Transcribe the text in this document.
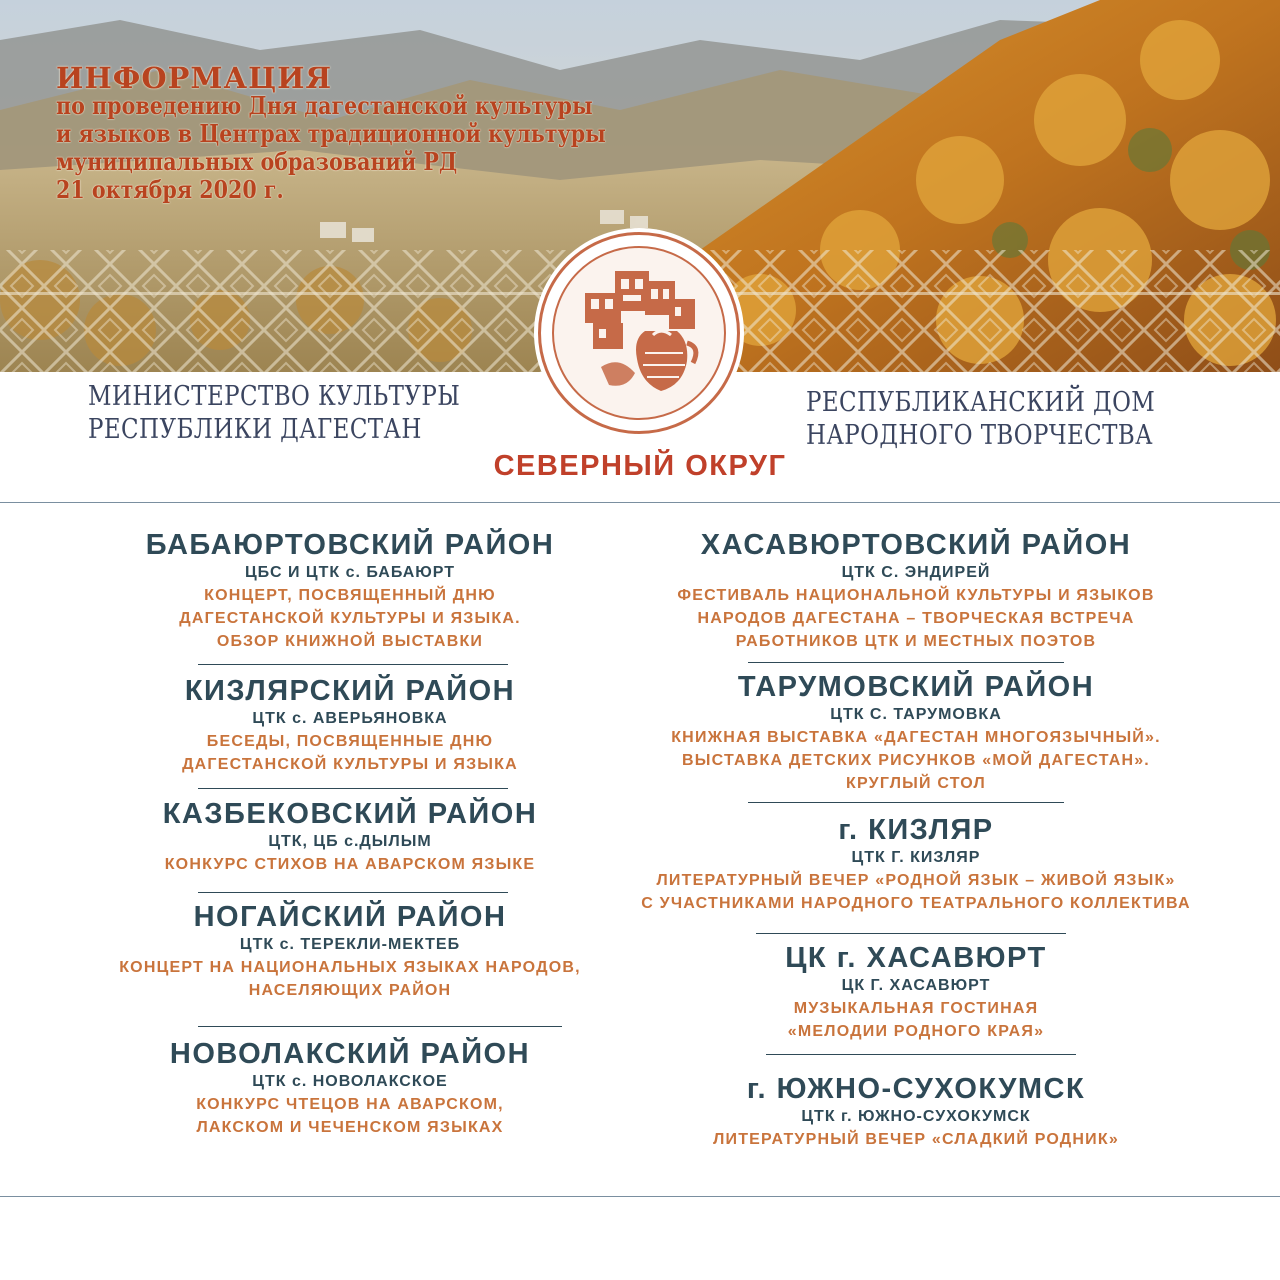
ИНФОРМАЦИЯ
по проведению Дня дагестанской культуры
и языков в Центрах традиционной культуры
муниципальных образований РД
21 октября 2020 г.
МИНИСТЕРСТВО КУЛЬТУРЫ
РЕСПУБЛИКИ ДАГЕСТАН
РЕСПУБЛИКАНСКИЙ ДОМ
НАРОДНОГО ТВОРЧЕСТВА
СЕВЕРНЫЙ ОКРУГ
БАБАЮРТОВСКИЙ РАЙОН
ЦБС И ЦТК с. БАБАЮРТ
КОНЦЕРТ, ПОСВЯЩЕННЫЙ ДНЮ
ДАГЕСТАНСКОЙ КУЛЬТУРЫ И ЯЗЫКА.
ОБЗОР КНИЖНОЙ ВЫСТАВКИ
КИЗЛЯРСКИЙ РАЙОН
ЦТК с. АВЕРЬЯНОВКА
БЕСЕДЫ, ПОСВЯЩЕННЫЕ ДНЮ
ДАГЕСТАНСКОЙ КУЛЬТУРЫ И ЯЗЫКА
КАЗБЕКОВСКИЙ РАЙОН
ЦТК, ЦБ с.ДЫЛЫМ
КОНКУРС СТИХОВ НА АВАРСКОМ ЯЗЫКЕ
НОГАЙСКИЙ РАЙОН
ЦТК с. ТЕРЕКЛИ-МЕКТЕБ
КОНЦЕРТ НА НАЦИОНАЛЬНЫХ ЯЗЫКАХ НАРОДОВ,
НАСЕЛЯЮЩИХ РАЙОН
НОВОЛАКСКИЙ РАЙОН
ЦТК с. НОВОЛАКСКОЕ
КОНКУРС ЧТЕЦОВ НА АВАРСКОМ,
ЛАКСКОМ И ЧЕЧЕНСКОМ ЯЗЫКАХ
ХАСАВЮРТОВСКИЙ РАЙОН
ЦТК С. ЭНДИРЕЙ
ФЕСТИВАЛЬ НАЦИОНАЛЬНОЙ КУЛЬТУРЫ И ЯЗЫКОВ
НАРОДОВ ДАГЕСТАНА – ТВОРЧЕСКАЯ ВСТРЕЧА
РАБОТНИКОВ ЦТК И МЕСТНЫХ ПОЭТОВ
ТАРУМОВСКИЙ РАЙОН
ЦТК С. ТАРУМОВКА
КНИЖНАЯ ВЫСТАВКА «ДАГЕСТАН МНОГОЯЗЫЧНЫЙ».
ВЫСТАВКА ДЕТСКИХ РИСУНКОВ «МОЙ ДАГЕСТАН».
КРУГЛЫЙ СТОЛ
г. КИЗЛЯР
ЦТК Г. КИЗЛЯР
ЛИТЕРАТУРНЫЙ ВЕЧЕР «РОДНОЙ ЯЗЫК – ЖИВОЙ ЯЗЫК»
С УЧАСТНИКАМИ НАРОДНОГО ТЕАТРАЛЬНОГО КОЛЛЕКТИВА
ЦК г. ХАСАВЮРТ
ЦК Г. ХАСАВЮРТ
МУЗЫКАЛЬНАЯ ГОСТИНАЯ
«МЕЛОДИИ РОДНОГО КРАЯ»
г. ЮЖНО-СУХОКУМСК
ЦТК г. ЮЖНО-СУХОКУМСК
ЛИТЕРАТУРНЫЙ ВЕЧЕР «СЛАДКИЙ РОДНИК»
